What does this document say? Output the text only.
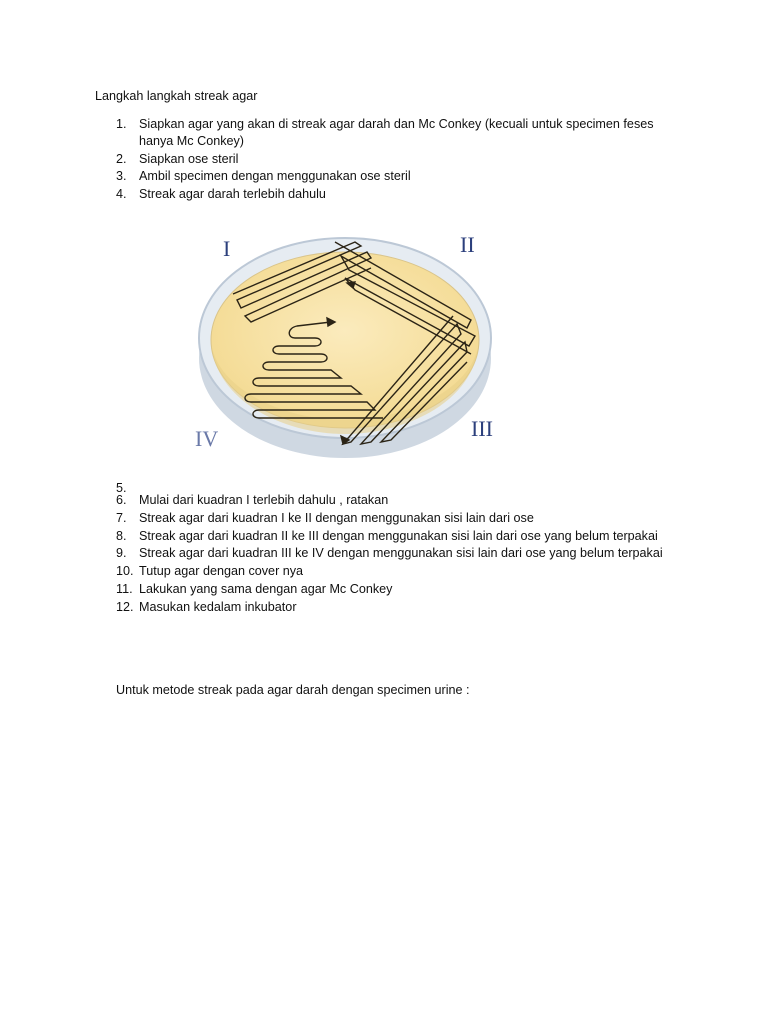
Langkah langkah streak agar
1. Siapkan agar yang akan di streak agar darah dan Mc Conkey (kecuali untuk specimen feses hanya Mc Conkey)
2. Siapkan ose steril
3. Ambil specimen dengan menggunakan ose steril
4. Streak agar darah terlebih dahulu
I	II
III
IV
5.
6. Mulai dari kuadran I terlebih dahulu , ratakan
7. Streak agar dari kuadran I ke II dengan menggunakan sisi lain dari ose
8. Streak agar dari kuadran II ke III dengan menggunakan sisi lain dari ose yang belum terpakai
9. Streak agar dari kuadran III ke IV dengan menggunakan sisi lain dari ose yang belum terpakai
10. Tutup agar dengan cover nya
11. Lakukan yang sama dengan agar Mc Conkey
12. Masukan kedalam inkubator

Untuk metode streak pada agar darah dengan specimen urine :
